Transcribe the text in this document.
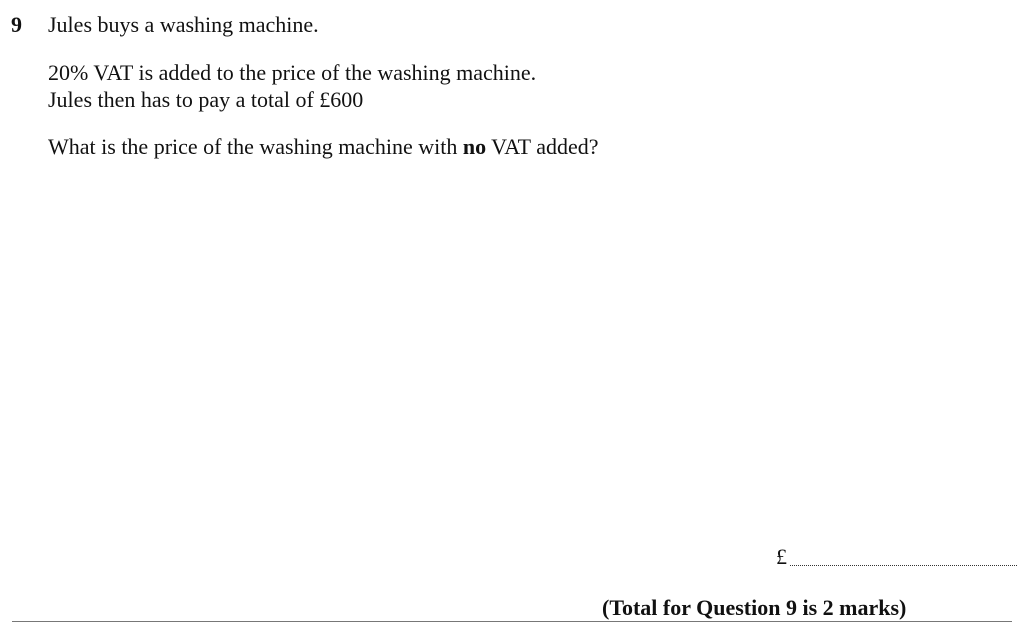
9 Jules buys a washing machine.
20% VAT is added to the price of the washing machine.
Jules then has to pay a total of £600
What is the price of the washing machine with no VAT added?
£
(Total for Question 9 is 2 marks)
